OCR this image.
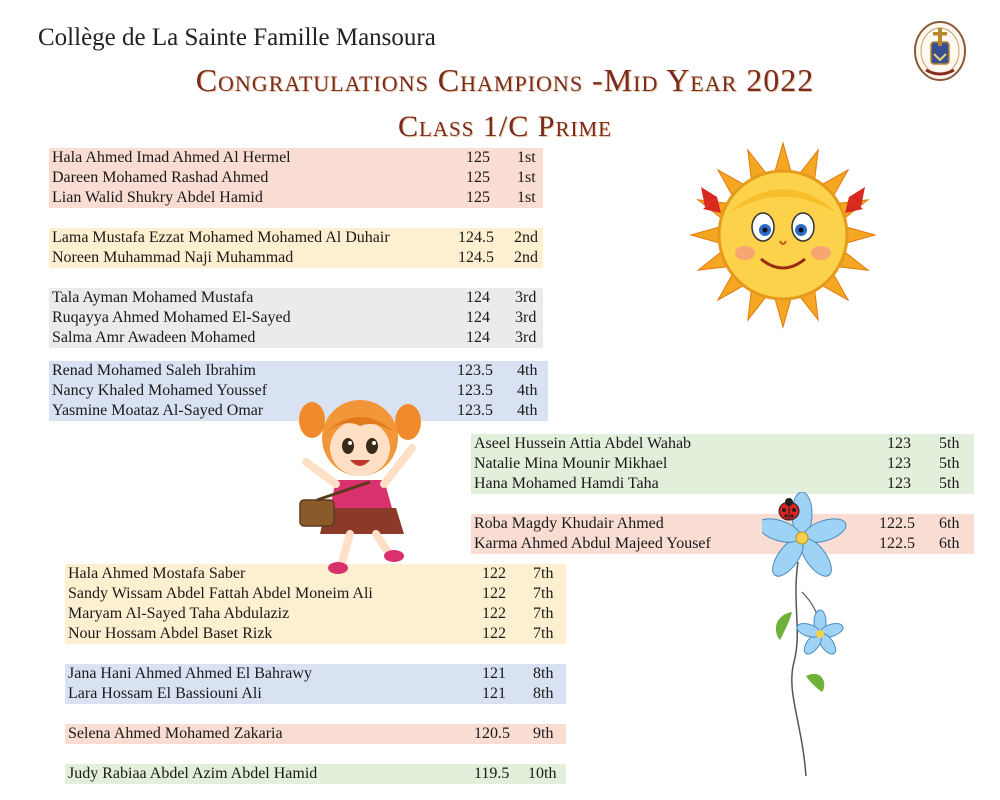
Collège de La Sainte Famille Mansoura
Congratulations Champions -Mid Year 2022
Class 1/C Prime
Hala Ahmed Imad Ahmed Al Hermel	125 1st
Dareen Mohamed Rashad Ahmed	125 1st
Lian Walid Shukry Abdel Hamid	125 1st
Lama Mustafa Ezzat Mohamed Mohamed Al Duhair	124.5 2nd
Noreen Muhammad Naji Muhammad	124.5 2nd
Tala Ayman Mohamed Mustafa	124 3rd
Ruqayya Ahmed Mohamed El-Sayed	124 3rd
Salma Amr Awadeen Mohamed	124 3rd
Renad Mohamed Saleh Ibrahim	123.5 4th
Nancy Khaled Mohamed Youssef	123.5 4th
Yasmine Moataz Al-Sayed Omar	123.5 4th
Aseel Hussein Attia Abdel Wahab	123 5th
Natalie Mina Mounir Mikhael	123 5th
Hana Mohamed Hamdi Taha	123 5th
Roba Magdy Khudair Ahmed	122.5 6th
Karma Ahmed Abdul Majeed Yousef	122.5 6th
Hala Ahmed Mostafa Saber	122 7th
Sandy Wissam Abdel Fattah Abdel Moneim Ali	122 7th
Maryam Al-Sayed Taha Abdulaziz	122 7th
Nour Hossam Abdel Baset Rizk	122 7th
Jana Hani Ahmed Ahmed El Bahrawy	121 8th
Lara Hossam El Bassiouni Ali	121 8th
Selena Ahmed Mohamed Zakaria	120.5 9th
Judy Rabiaa Abdel Azim Abdel Hamid	119.5 10th
